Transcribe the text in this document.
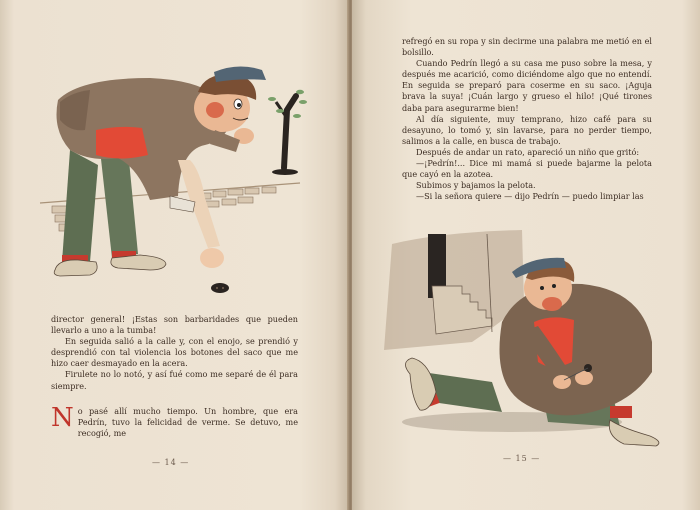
director general! ¡Estas son barbaridades que pueden llevarlo a uno a la tumba!

En seguida salió a la calle y, con el enojo, se prendió y desprendió con tal violencia los botones del saco que me hizo caer desmayado en la acera.

Firulete no lo notó, y así fué como me separé de él para siempre.

N o pasé allí mucho tiempo. Un hombre, que era Pedrín, tuvo la felicidad de verme. Se detuvo, me recogió, me

— 14 —

refregó en su ropa y sin decirme una palabra me metió en el bolsillo.

Cuando Pedrín llegó a su casa me puso sobre la mesa, y después me acarició, como diciéndome algo que no entendí. En seguida se preparó para coserme en su saco. ¡Aguja brava la suya! ¡Cuán largo y grueso el hilo! ¡Qué tirones daba para asegurarme bien!

Al día siguiente, muy temprano, hizo café para su desayuno, lo tomó y, sin lavarse, para no perder tiempo, salimos a la calle, en busca de trabajo.

Después de andar un rato, apareció un niño que gritó:

—¡Pedrín!... Dice mi mamá si puede bajarme la pelota que cayó en la azotea.

Subimos y bajamos la pelota.

—Si la señora quiere — dijo Pedrín — puedo limpiar las

— 15 —
